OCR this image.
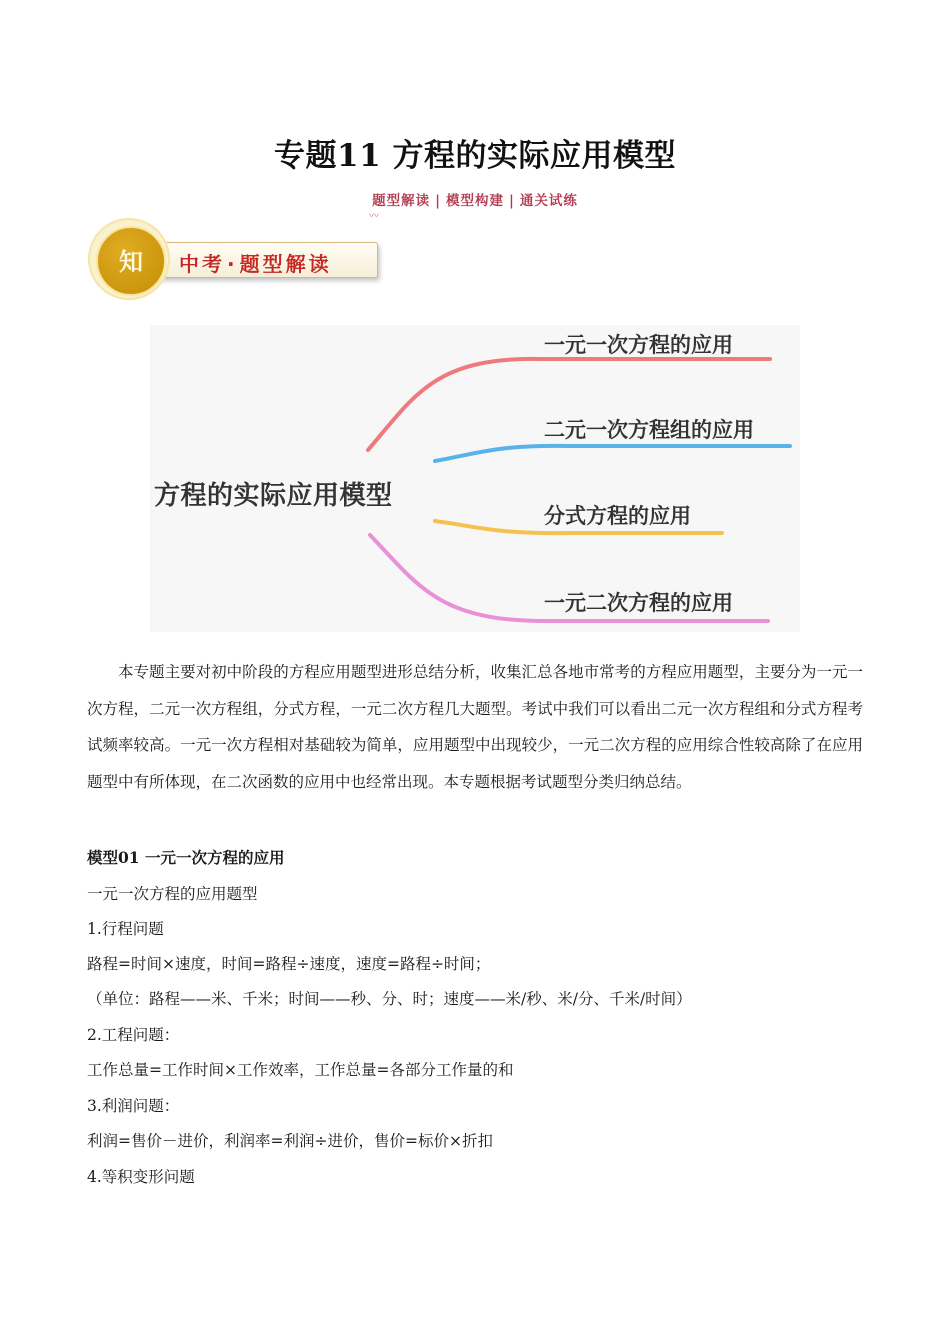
专题11 方程的实际应用模型
题型解读 | 模型构建 | 通关试练
〰
中考 · 题型解读
知
方程的实际应用模型
一元一次方程的应用
二元一次方程组的应用
分式方程的应用
一元二次方程的应用
本专题主要对初中阶段的方程应用题型进形总结分析，收集汇总各地市常考的方程应用题型，主要分为一元一次方程，二元一次方程组，分式方程，一元二次方程几大题型。考试中我们可以看出二元一次方程组和分式方程考试频率较高。一元一次方程相对基础较为简单，应用题型中出现较少，一元二次方程的应用综合性较高除了在应用题型中有所体现，在二次函数的应用中也经常出现。本专题根据考试题型分类归纳总结。
模型01 一元一次方程的应用
一元一次方程的应用题型
1.行程问题
路程=时间×速度，时间=路程÷速度，速度=路程÷时间；
（单位：路程——米、千米；时间——秒、分、时；速度——米/秒、米/分、千米/时间）
2.工程问题：
工作总量=工作时间×工作效率，工作总量=各部分工作量的和
3.利润问题：
利润=售价－进价，利润率=利润÷进价，售价=标价×折扣
4.等积变形问题
